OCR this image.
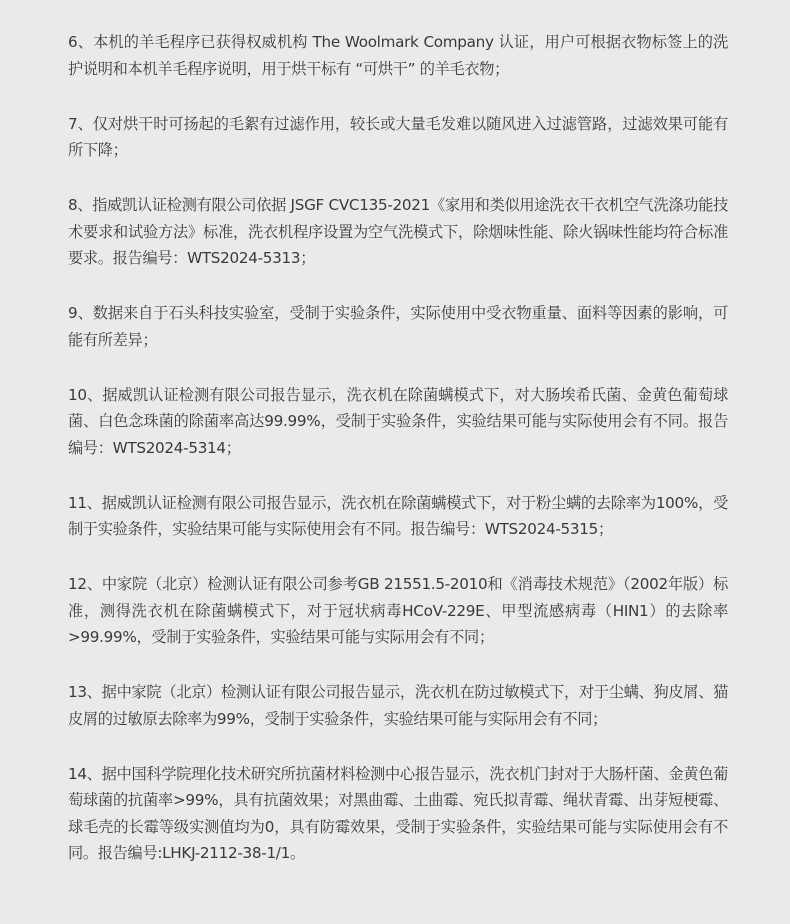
6、本机的羊毛程序已获得权威机构 The Woolmark Company 认证，用户可根据衣物标签上的洗护说明和本机羊毛程序说明，用于烘干标有 “可烘干” 的羊毛衣物；

7、仅对烘干时可扬起的毛絮有过滤作用，较长或大量毛发难以随风进入过滤管路，过滤效果可能有所下降；

8、指威凯认证检测有限公司依据 JSGF CVC135-2021《家用和类似用途洗衣干衣机空气洗涤功能技术要求和试验方法》标准，洗衣机程序设置为空气洗模式下，除烟味性能、除火锅味性能均符合标准要求。报告编号：WTS2024-5313；

9、数据来自于石头科技实验室，受制于实验条件，实际使用中受衣物重量、面料等因素的影响，可能有所差异；

10、据威凯认证检测有限公司报告显示，洗衣机在除菌螨模式下，对大肠埃希氏菌、金黄色葡萄球菌、白色念珠菌的除菌率高达99.99%，受制于实验条件，实验结果可能与实际使用会有不同。报告编号：WTS2024-5314；

11、据威凯认证检测有限公司报告显示，洗衣机在除菌螨模式下，对于粉尘螨的去除率为100%，受制于实验条件，实验结果可能与实际使用会有不同。报告编号：WTS2024-5315；

12、中家院（北京）检测认证有限公司参考GB 21551.5-2010和《消毒技术规范》（2002年版）标准，测得洗衣机在除菌螨模式下，对于冠状病毒HCoV-229E、甲型流感病毒（HIN1）的去除率>99.99%，受制于实验条件，实验结果可能与实际用会有不同；

13、据中家院（北京）检测认证有限公司报告显示，洗衣机在防过敏模式下，对于尘螨、狗皮屑、猫皮屑的过敏原去除率为99%，受制于实验条件，实验结果可能与实际用会有不同；

14、据中国科学院理化技术研究所抗菌材料检测中心报告显示，洗衣机门封对于大肠杆菌、金黄色葡萄球菌的抗菌率>99%，具有抗菌效果；对黑曲霉、土曲霉、宛氏拟青霉、绳状青霉、出芽短梗霉、球毛壳的长霉等级实测值均为0，具有防霉效果，受制于实验条件，实验结果可能与实际使用会有不同。报告编号:LHKJ-2112-38-1/1。
